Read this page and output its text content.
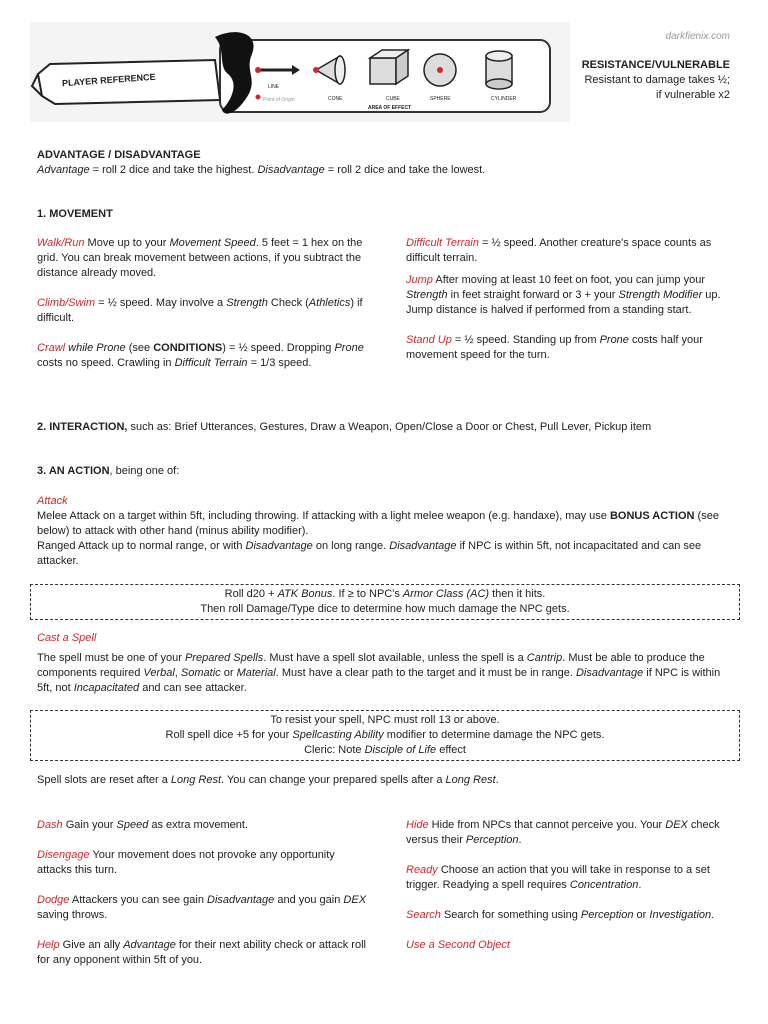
darkfienix.com
PLAYER REFERENCE
Point of Origin
LINE
CONE	CUBE	SPHERE	CYLINDER
AREA OF EFFECT
RESISTANCE/VULNERABLE
Resistant to damage takes ½;
if vulnerable x2
ADVANTAGE / DISADVANTAGE
Advantage = roll 2 dice and take the highest. Disadvantage = roll 2 dice and take the lowest.
1. MOVEMENT

Walk/Run Move up to your Movement Speed. 5 feet = 1 hex on the grid. You can break movement between actions, if you subtract the distance already moved.

Climb/Swim = ½ speed. May involve a Strength Check (Athletics) if difficult.

Crawl while Prone (see CONDITIONS) = ½ speed. Dropping Prone costs no speed. Crawling in Difficult Terrain = 1/3 speed.

Difficult Terrain = ½ speed. Another creature's space counts as difficult terrain.

Jump After moving at least 10 feet on foot, you can jump your Strength in feet straight forward or 3 + your Strength Modifier up. Jump distance is halved if performed from a standing start.

Stand Up = ½ speed. Standing up from Prone costs half your movement speed for the turn.

2. INTERACTION, such as: Brief Utterances, Gestures, Draw a Weapon, Open/Close a Door or Chest, Pull Lever, Pickup item
3. AN ACTION, being one of:
Attack
Melee Attack on a target within 5ft, including throwing. If attacking with a light melee weapon (e.g. handaxe), may use BONUS ACTION (see below) to attack with other hand (minus ability modifier).
Ranged Attack up to normal range, or with Disadvantage on long range. Disadvantage if NPC is within 5ft, not incapacitated and can see attacker.
Roll d20 + ATK Bonus. If ≥ to NPC's Armor Class (AC) then it hits.
Then roll Damage/Type dice to determine how much damage the NPC gets.
Cast a Spell
The spell must be one of your Prepared Spells. Must have a spell slot available, unless the spell is a Cantrip. Must be able to produce the components required Verbal, Somatic or Material. Must have a clear path to the target and it must be in range. Disadvantage if NPC is within 5ft, not Incapacitated and can see attacker.
To resist your spell, NPC must roll 13 or above.
Roll spell dice +5 for your Spellcasting Ability modifier to determine damage the NPC gets.
Cleric: Note Disciple of Life effect
Spell slots are reset after a Long Rest. You can change your prepared spells after a Long Rest.

Dash Gain your Speed as extra movement.

Disengage Your movement does not provoke any opportunity attacks this turn.

Dodge Attackers you can see gain Disadvantage and you gain DEX saving throws.

Help Give an ally Advantage for their next ability check or attack roll for any opponent within 5ft of you.

Hide Hide from NPCs that cannot perceive you. Your DEX check versus their Perception.

Ready Choose an action that you will take in response to a set trigger. Readying a spell requires Concentration.

Search Search for something using Perception or Investigation.

Use a Second Object
